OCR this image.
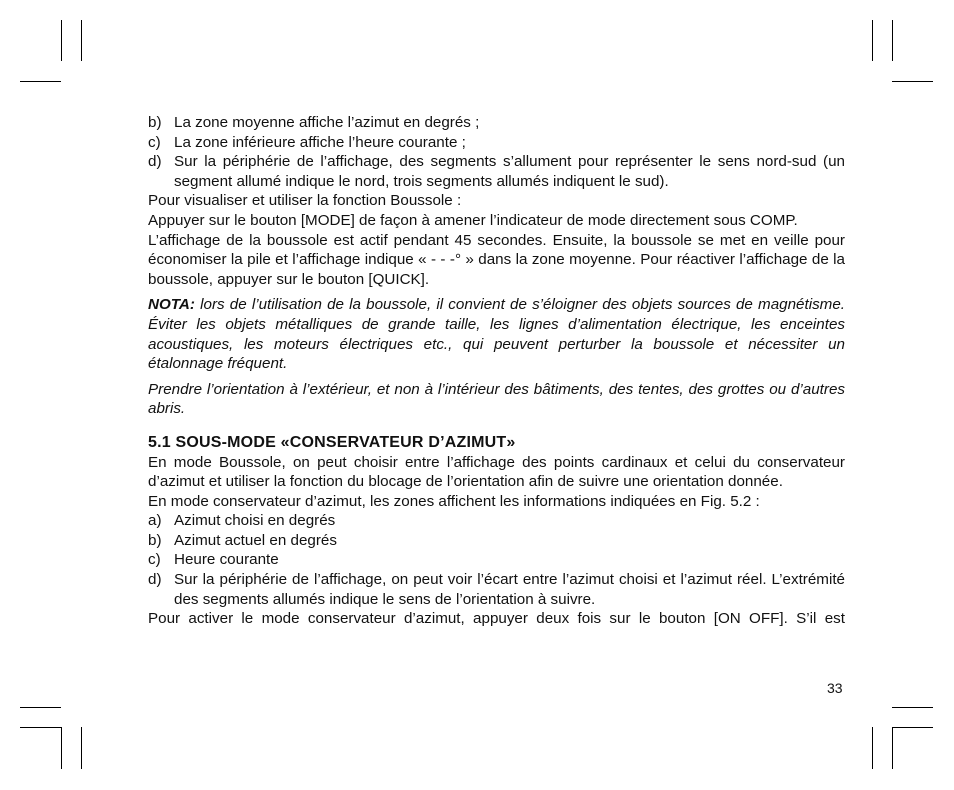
b) La zone moyenne affiche l’azimut en degrés ;
c) La zone inférieure affiche l’heure courante ;
d) Sur la périphérie de l’affichage, des segments s’allument pour représenter le sens nord-sud (un segment allumé indique le nord, trois segments allumés indiquent le sud).

Pour visualiser et utiliser la fonction Boussole :

Appuyer sur le bouton [MODE] de façon à amener l’indicateur de mode directement sous COMP.

L’affichage de la boussole est actif pendant 45 secondes. Ensuite, la boussole se met en veille pour économiser la pile et l’affichage indique « - - -° » dans la zone moyenne. Pour réactiver l’affichage de la boussole, appuyer sur le bouton [QUICK].

NOTA: lors de l’utilisation de la boussole, il convient de s’éloigner des objets sources de magnétisme. Éviter les objets métalliques de grande taille, les lignes d’alimentation électrique, les enceintes acoustiques, les moteurs électriques etc., qui peuvent perturber la boussole et nécessiter un étalonnage fréquent.

Prendre l’orientation à l’extérieur, et non à l’intérieur des bâtiments, des tentes, des grottes ou d’autres abris.

5.1 SOUS-MODE «CONSERVATEUR D’AZIMUT»

En mode Boussole, on peut choisir entre l’affichage des points cardinaux et celui du conservateur d’azimut et utiliser la fonction du blocage de l’orientation afin de suivre une orientation donnée.

En mode conservateur d’azimut, les zones affichent les informations indiquées en Fig. 5.2 :

a) Azimut choisi en degrés
b) Azimut actuel en degrés
c) Heure courante
d) Sur la périphérie de l’affichage, on peut voir l’écart entre l’azimut choisi et l’azimut réel. L’extrémité des segments allumés indique le sens de l’orientation à suivre.

Pour activer le mode conservateur d’azimut, appuyer deux fois sur le bouton [ON OFF]. S’il est

33
